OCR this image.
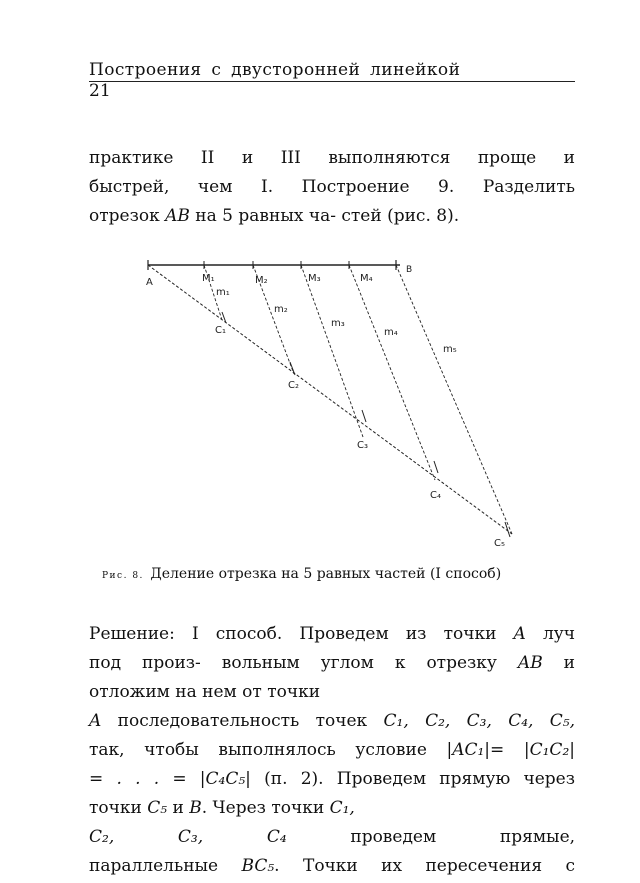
Построения с двусторонней линейкой
21
практике II и III выполняются проще и
быстрей, чем I. Построение 9. Разделить
отрезок AB на 5 равных ча- стей (рис. 8).
A
B
M₁	M₂	M₃	M₄
m₁
m₂
m₃
m₄
m₅
C₁
C₂
C₃
C₄
C₅
Рис. 8. Деление отрезка на 5 равных частей (I способ)
Решение: I способ. Проведем из точки A луч
под произ- вольным углом к отрезку AB и
отложим на нем от точки
A последовательность точек C₁, C₂, C₃, C₄, C₅,
так, чтобы выполнялось условие |AC₁|= |C₁C₂|
= . . . = |C₄C₅| (п. 2). Проведем прямую через
точки C₅ и B. Через точки C₁,
C₂,	C₃,	C₄	проведем	прямые,
параллельные BC₅. Точки их пересечения с
